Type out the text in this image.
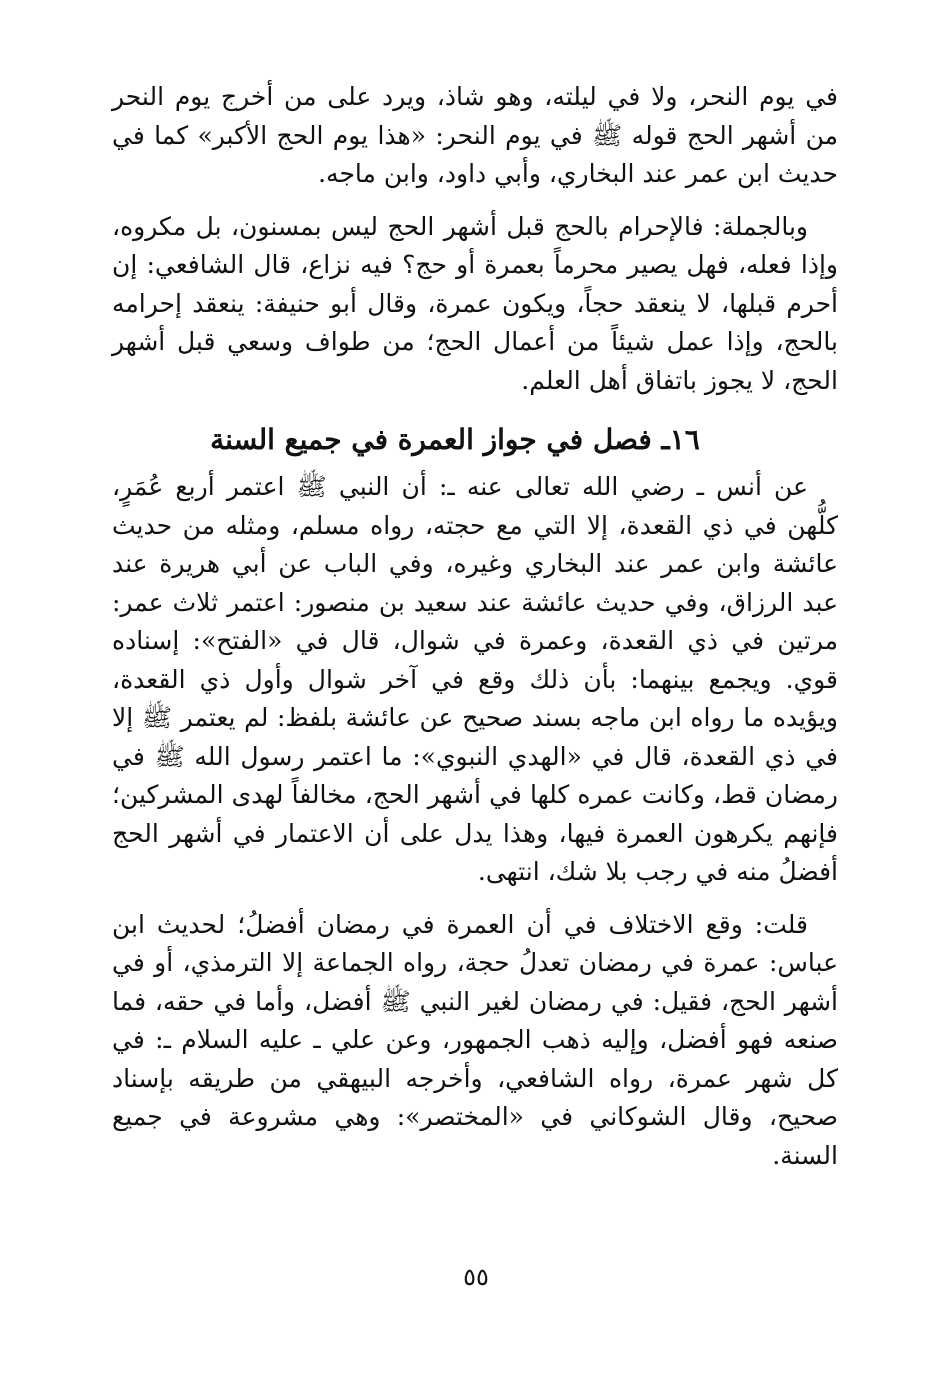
في يوم النحر، ولا في ليلته، وهو شاذ، ويرد على من أخرج يوم النحر من أشهر الحج قوله ﷺ في يوم النحر: «هذا يوم الحج الأكبر» كما في حديث ابن عمر عند البخاري، وأبي داود، وابن ماجه.

وبالجملة: فالإحرام بالحج قبل أشهر الحج ليس بمسنون، بل مكروه، وإذا فعله، فهل يصير محرماً بعمرة أو حج؟ فيه نزاع، قال الشافعي: إن أحرم قبلها، لا ينعقد حجاً، ويكون عمرة، وقال أبو حنيفة: ينعقد إحرامه بالحج، وإذا عمل شيئاً من أعمال الحج؛ من طواف وسعي قبل أشهر الحج، لا يجوز باتفاق أهل العلم.

١٦ـ فصل في جواز العمرة في جميع السنة

عن أنس ـ رضي الله تعالى عنه ـ: أن النبي ﷺ اعتمر أربع عُمَرٍ، كلُّهن في ذي القعدة، إلا التي مع حجته، رواه مسلم، ومثله من حديث عائشة وابن عمر عند البخاري وغيره، وفي الباب عن أبي هريرة عند عبد الرزاق، وفي حديث عائشة عند سعيد بن منصور: اعتمر ثلاث عمر: مرتين في ذي القعدة، وعمرة في شوال، قال في «الفتح»: إسناده قوي. ويجمع بينهما: بأن ذلك وقع في آخر شوال وأول ذي القعدة، ويؤيده ما رواه ابن ماجه بسند صحيح عن عائشة بلفظ: لم يعتمر ﷺ إلا في ذي القعدة، قال في «الهدي النبوي»: ما اعتمر رسول الله ﷺ في رمضان قط، وكانت عمره كلها في أشهر الحج، مخالفاً لهدى المشركين؛ فإنهم يكرهون العمرة فيها، وهذا يدل على أن الاعتمار في أشهر الحج أفضلُ منه في رجب بلا شك، انتهى.

قلت: وقع الاختلاف في أن العمرة في رمضان أفضلُ؛ لحديث ابن عباس: عمرة في رمضان تعدلُ حجة، رواه الجماعة إلا الترمذي، أو في أشهر الحج، فقيل: في رمضان لغير النبي ﷺ أفضل، وأما في حقه، فما صنعه فهو أفضل، وإليه ذهب الجمهور، وعن علي ـ عليه السلام ـ: في كل شهر عمرة، رواه الشافعي، وأخرجه البيهقي من طريقه بإسناد صحيح، وقال الشوكاني في «المختصر»: وهي مشروعة في جميع السنة.

٥٥
